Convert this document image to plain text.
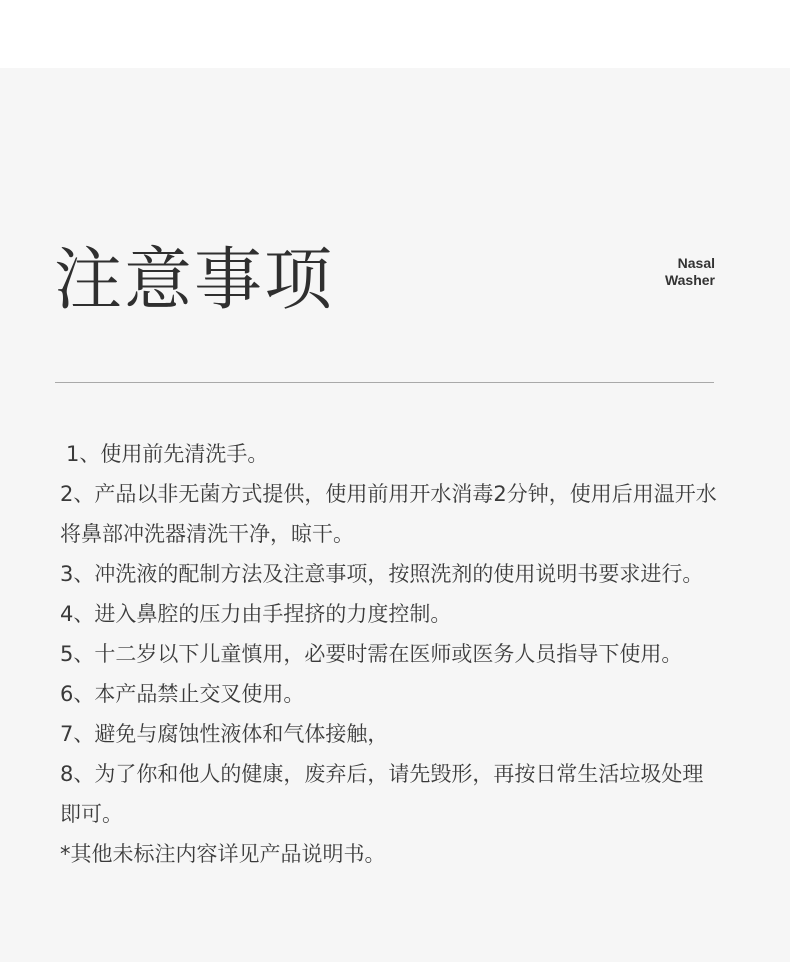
注意事项	Nasal
Washer
1、使用前先清洗手。
2、产品以非无菌方式提供，使用前用开水消毒2分钟，使用后用温开水将鼻部冲洗器清洗干净，晾干。
3、冲洗液的配制方法及注意事项，按照洗剂的使用说明书要求进行。
4、进入鼻腔的压力由手捏挤的力度控制。
5、十二岁以下儿童慎用，必要时需在医师或医务人员指导下使用。
6、本产品禁止交叉使用。
7、避免与腐蚀性液体和气体接触，
8、为了你和他人的健康，废弃后，请先毁形，再按日常生活垃圾处理即可。
*其他未标注内容详见产品说明书。
